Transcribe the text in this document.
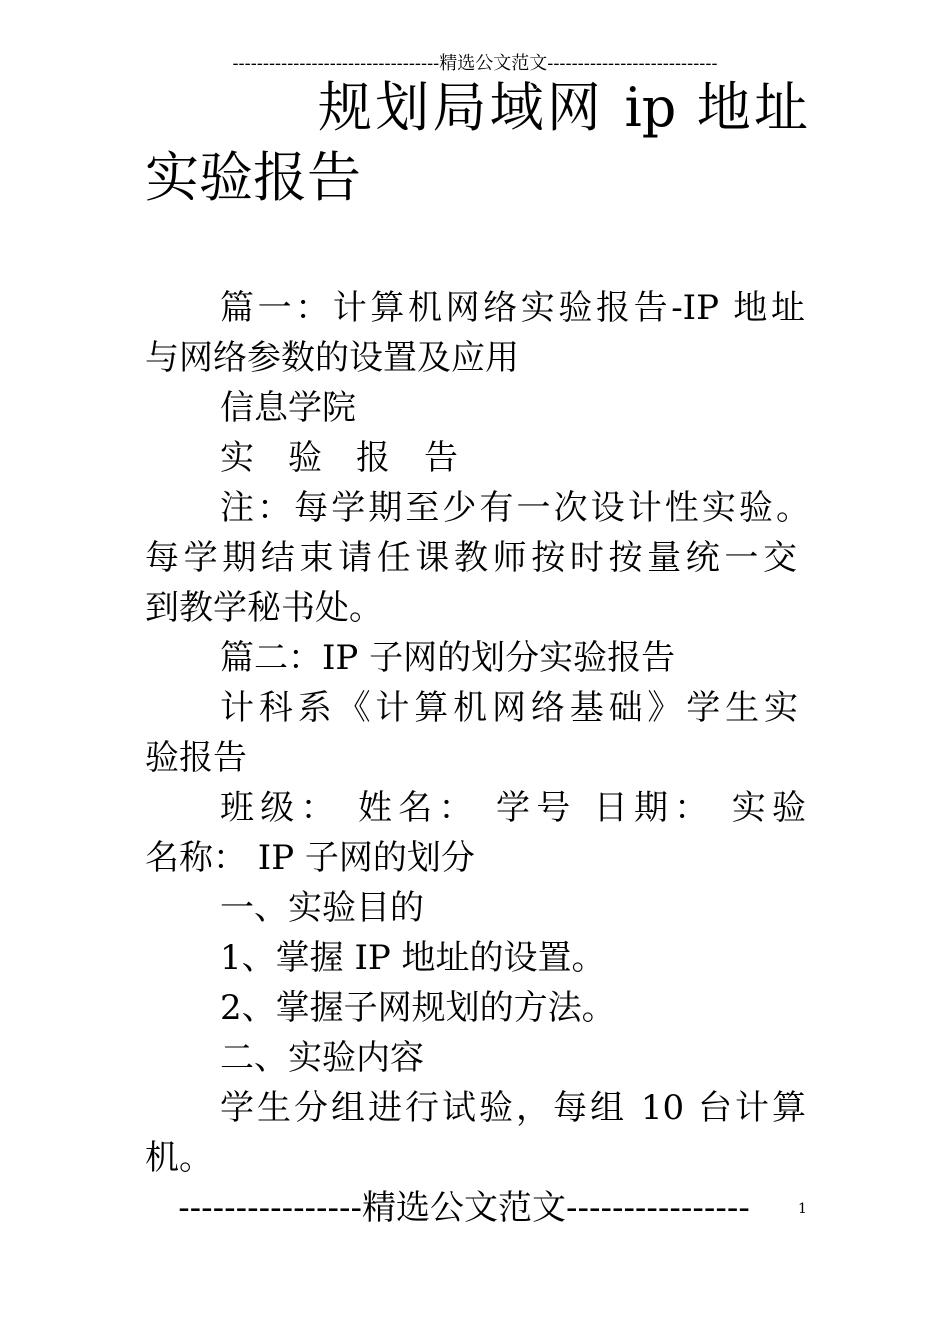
----------------------------------精选公文范文----------------------------
规划局域网 ip 地址
实验报告
篇一：计算机网络实验报告-IP 地址
与网络参数的设置及应用
信息学院
实　验　报　告
注：每学期至少有一次设计性实验。
每学期结束请任课教师按时按量统一交
到教学秘书处。
篇二：IP 子网的划分实验报告
计科系《计算机网络基础》学生实
验报告
班级： 姓名： 学号 日期： 实验
名称： IP 子网的划分
一、实验目的
1、掌握 IP 地址的设置。
2、掌握子网规划的方法。
二、实验内容
学生分组进行试验，每组 10 台计算
机。
----------------精选公文范文----------------	1
